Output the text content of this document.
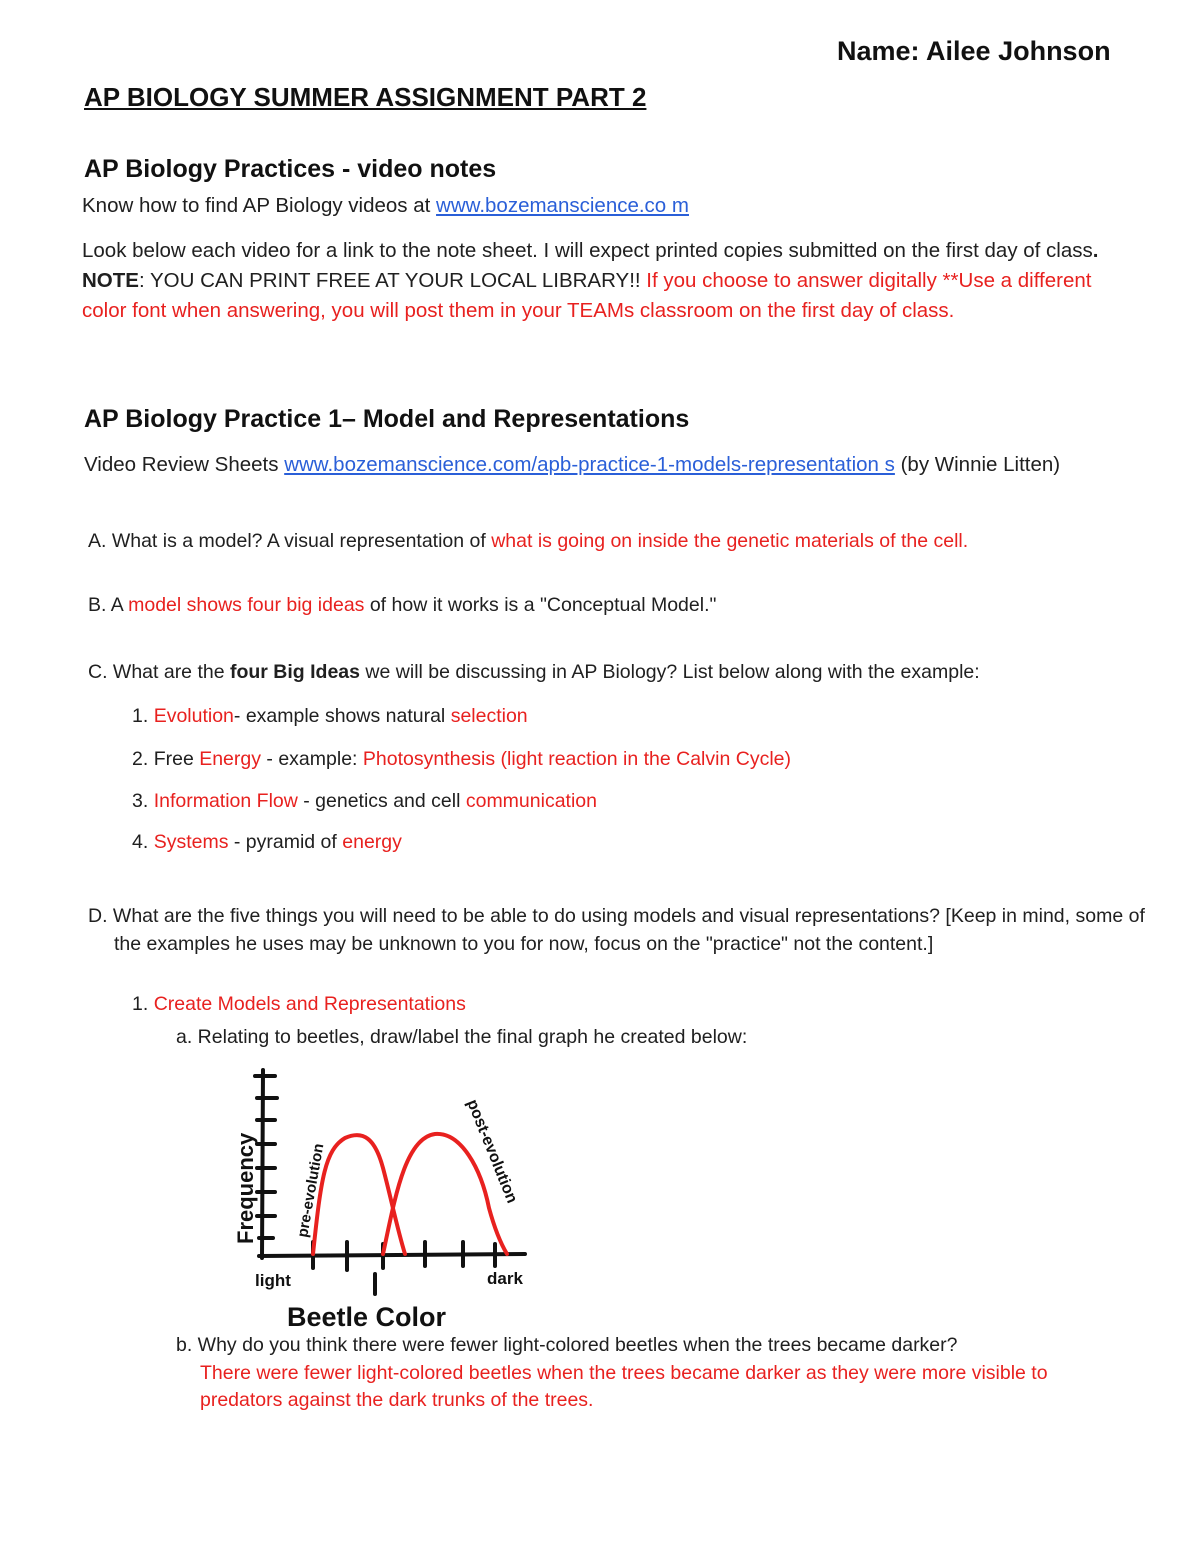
Name: Ailee Johnson
AP BIOLOGY SUMMER ASSIGNMENT PART 2
AP Biology Practices - video notes
Know how to find AP Biology videos at www.bozemanscience.co m
Look below each video for a link to the note sheet. I will expect printed copies submitted on the first day of class. NOTE: YOU CAN PRINT FREE AT YOUR LOCAL LIBRARY!! If you choose to answer digitally **Use a different color font when answering, you will post them in your TEAMs classroom on the first day of class.
AP Biology Practice 1– Model and Representations
Video Review Sheets www.bozemanscience.com/apb-practice-1-models-representation s (by Winnie Litten)
A. What is a model? A visual representation of what is going on inside the genetic materials of the cell.
B. A model shows four big ideas of how it works is a "Conceptual Model."
C. What are the four Big Ideas we will be discussing in AP Biology? List below along with the example:
1. Evolution- example shows natural selection
2. Free Energy - example: Photosynthesis (light reaction in the Calvin Cycle)
3. Information Flow - genetics and cell communication
4. Systems - pyramid of energy
D. What are the five things you will need to be able to do using models and visual representations? [Keep in mind, some of the examples he uses may be unknown to you for now, focus on the "practice" not the content.]
1. Create Models and Representations
a. Relating to beetles, draw/label the final graph he created below:
Frequency pre-evolution	post-evolution
light	dark
Beetle Color
b. Why do you think there were fewer light-colored beetles when the trees became darker?
There were fewer light-colored beetles when the trees became darker as they were more visible to predators against the dark trunks of the trees.
